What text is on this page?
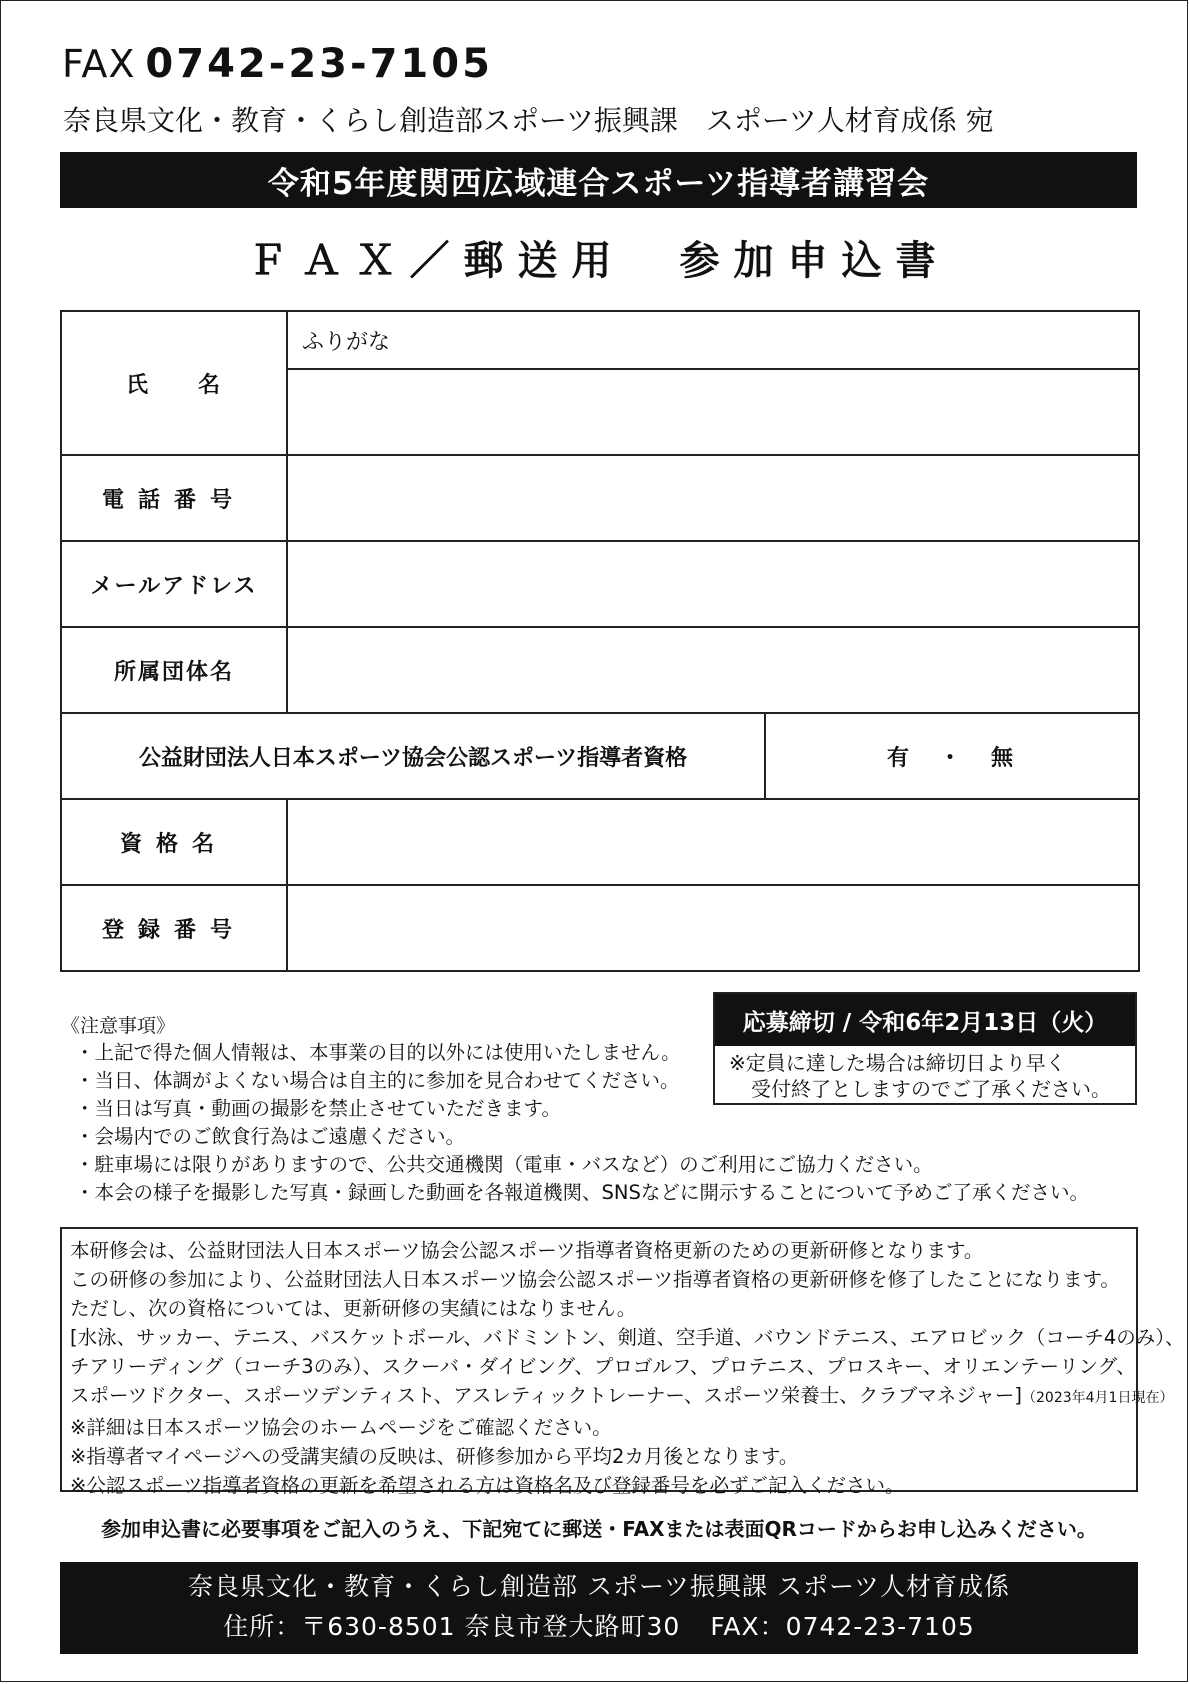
FAX 0742-23-7105
奈良県文化・教育・くらし創造部スポーツ振興課　スポーツ人材育成係 宛
令和5年度関西広域連合スポーツ指導者講習会
ＦＡＸ／郵送用　参加申込書
氏　　名	ふりがな	

電話番号		
メールアドレス		
所属団体名		
公益財団法人日本スポーツ協会公認スポーツ指導者資格		有　・　無
資格名		
登録番号		
《注意事項》
・上記で得た個人情報は、本事業の目的以外には使用いたしません。
・当日、体調がよくない場合は自主的に参加を見合わせてください。
・当日は写真・動画の撮影を禁止させていただきます。
・会場内でのご飲食行為はご遠慮ください。
・駐車場には限りがありますので、公共交通機関（電車・バスなど）のご利用にご協力ください。
・本会の様子を撮影した写真・録画した動画を各報道機関、SNSなどに開示することについて予めご了承ください。
応募締切 / 令和6年2月13日（火）
※定員に達した場合は締切日より早く
受付終了としますのでご了承ください。
本研修会は、公益財団法人日本スポーツ協会公認スポーツ指導者資格更新のための更新研修となります。
この研修の参加により、公益財団法人日本スポーツ協会公認スポーツ指導者資格の更新研修を修了したことになります。
ただし、次の資格については、更新研修の実績にはなりません。
[水泳、サッカー、テニス、バスケットボール、バドミントン、剣道、空手道、バウンドテニス、エアロビック（コーチ4のみ）、
チアリーディング（コーチ3のみ）、スクーバ・ダイビング、プロゴルフ、プロテニス、プロスキー、オリエンテーリング、
スポーツドクター、スポーツデンティスト、アスレティックトレーナー、スポーツ栄養士、クラブマネジャー]（2023年4月1日現在）
※詳細は日本スポーツ協会のホームページをご確認ください。
※指導者マイページへの受講実績の反映は、研修参加から平均2カ月後となります。
※公認スポーツ指導者資格の更新を希望される方は資格名及び登録番号を必ずご記入ください。
参加申込書に必要事項をご記入のうえ、下記宛てに郵送・FAXまたは表面QRコードからお申し込みください。
奈良県文化・教育・くらし創造部 スポーツ振興課 スポーツ人材育成係
住所：〒630-8501 奈良市登大路町30 FAX：0742-23-7105
